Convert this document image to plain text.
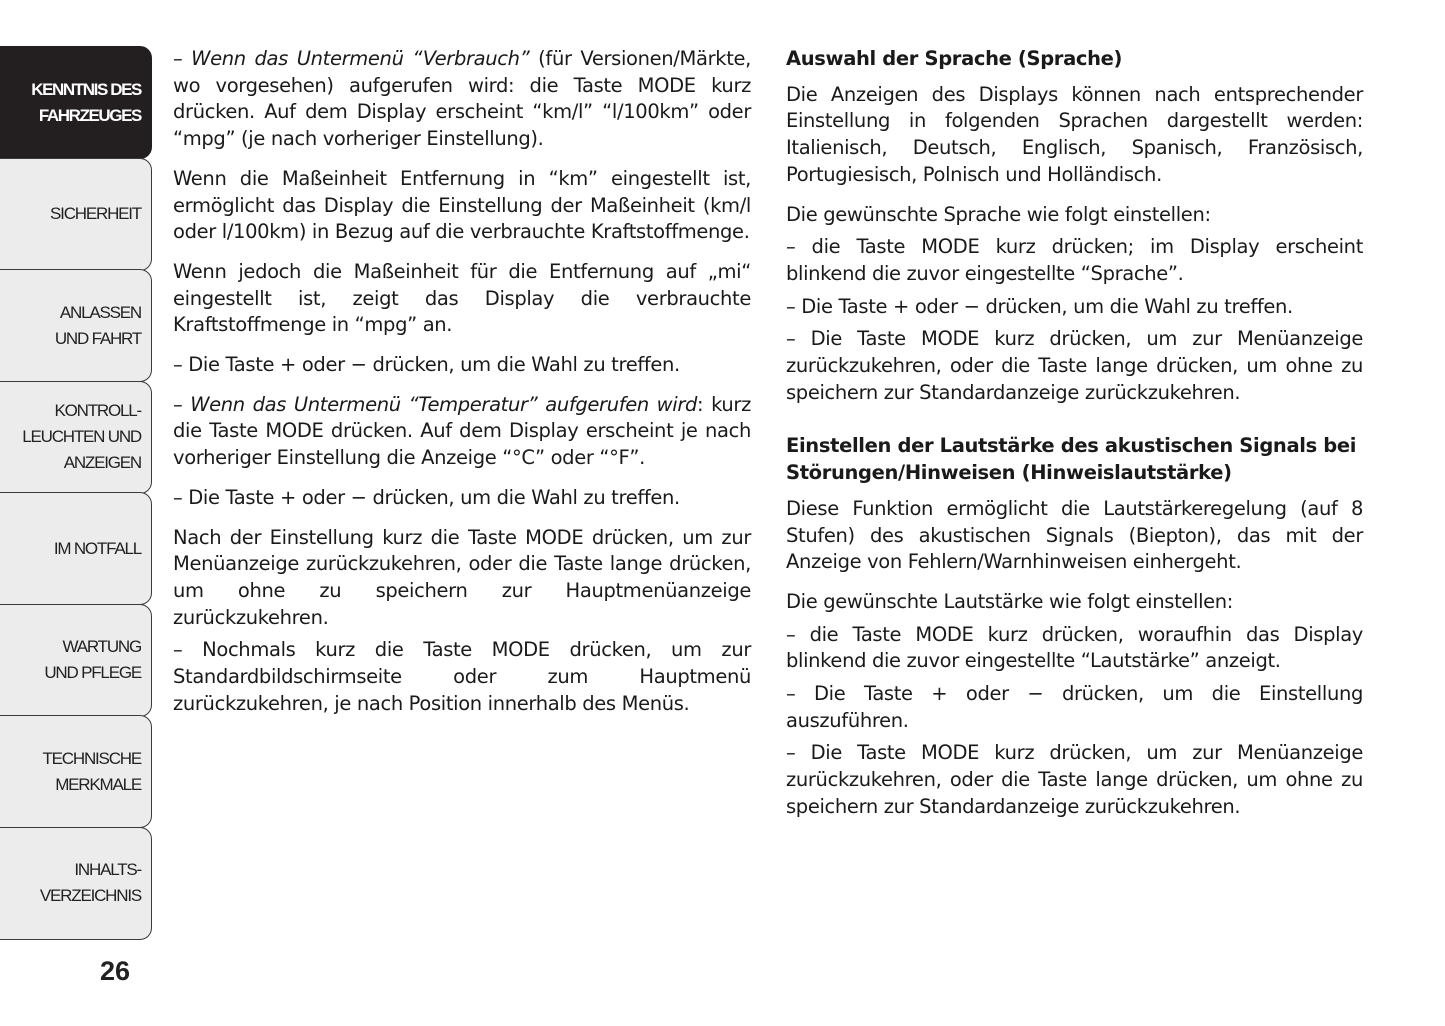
KENNTNIS DES
FAHRZEUGES
SICHERHEIT
ANLASSEN
UND FAHRT
KONTROLL-
LEUCHTEN UND
ANZEIGEN
IM NOTFALL
WARTUNG
UND PFLEGE
TECHNISCHE
MERKMALE
INHALTS-
VERZEICHNIS
26

– Wenn das Untermenü “Verbrauch” (für Versionen/Märkte, wo vorgesehen) aufgerufen wird: die Taste MODE kurz drücken. Auf dem Display erscheint “km/l” “l/100km” oder “mpg” (je nach vorheriger Einstellung).

Wenn die Maßeinheit Entfernung in “km” eingestellt ist, ermöglicht das Display die Einstellung der Maßeinheit (km/l oder l/100km) in Bezug auf die verbrauchte Kraftstoffmenge.

Wenn jedoch die Maßeinheit für die Entfernung auf „mi“ eingestellt ist, zeigt das Display die verbrauchte Kraftstoffmenge in “mpg” an.

– Die Taste + oder − drücken, um die Wahl zu treffen.

– Wenn das Untermenü “Temperatur” aufgerufen wird: kurz die Taste MODE drücken. Auf dem Display erscheint je nach vorheriger Einstellung die Anzeige “°C” oder “°F”.

– Die Taste + oder − drücken, um die Wahl zu treffen.

Nach der Einstellung kurz die Taste MODE drücken, um zur Menüanzeige zurückzukehren, oder die Taste lange drücken, um ohne zu speichern zur Hauptmenüanzeige zurückzukehren.

– Nochmals kurz die Taste MODE drücken, um zur Standardbildschirmseite oder zum Hauptmenü zurückzukehren, je nach Position innerhalb des Menüs.

Auswahl der Sprache (Sprache)

Die Anzeigen des Displays können nach entsprechender Einstellung in folgenden Sprachen dargestellt werden: Italienisch, Deutsch, Englisch, Spanisch, Französisch, Portugiesisch, Polnisch und Holländisch.

Die gewünschte Sprache wie folgt einstellen:

– die Taste MODE kurz drücken; im Display erscheint blinkend die zuvor eingestellte “Sprache”.

– Die Taste + oder − drücken, um die Wahl zu treffen.

– Die Taste MODE kurz drücken, um zur Menüanzeige zurückzukehren, oder die Taste lange drücken, um ohne zu speichern zur Standardanzeige zurückzukehren.

Einstellen der Lautstärke des akustischen Signals bei Störungen/Hinweisen (Hinweislautstärke)

Diese Funktion ermöglicht die Lautstärkeregelung (auf 8 Stufen) des akustischen Signals (Biepton), das mit der Anzeige von Fehlern/Warnhinweisen einhergeht.

Die gewünschte Lautstärke wie folgt einstellen:

– die Taste MODE kurz drücken, woraufhin das Display blinkend die zuvor eingestellte “Lautstärke” anzeigt.

– Die Taste + oder − drücken, um die Einstellung auszuführen.

– Die Taste MODE kurz drücken, um zur Menüanzeige zurückzukehren, oder die Taste lange drücken, um ohne zu speichern zur Standardanzeige zurückzukehren.
